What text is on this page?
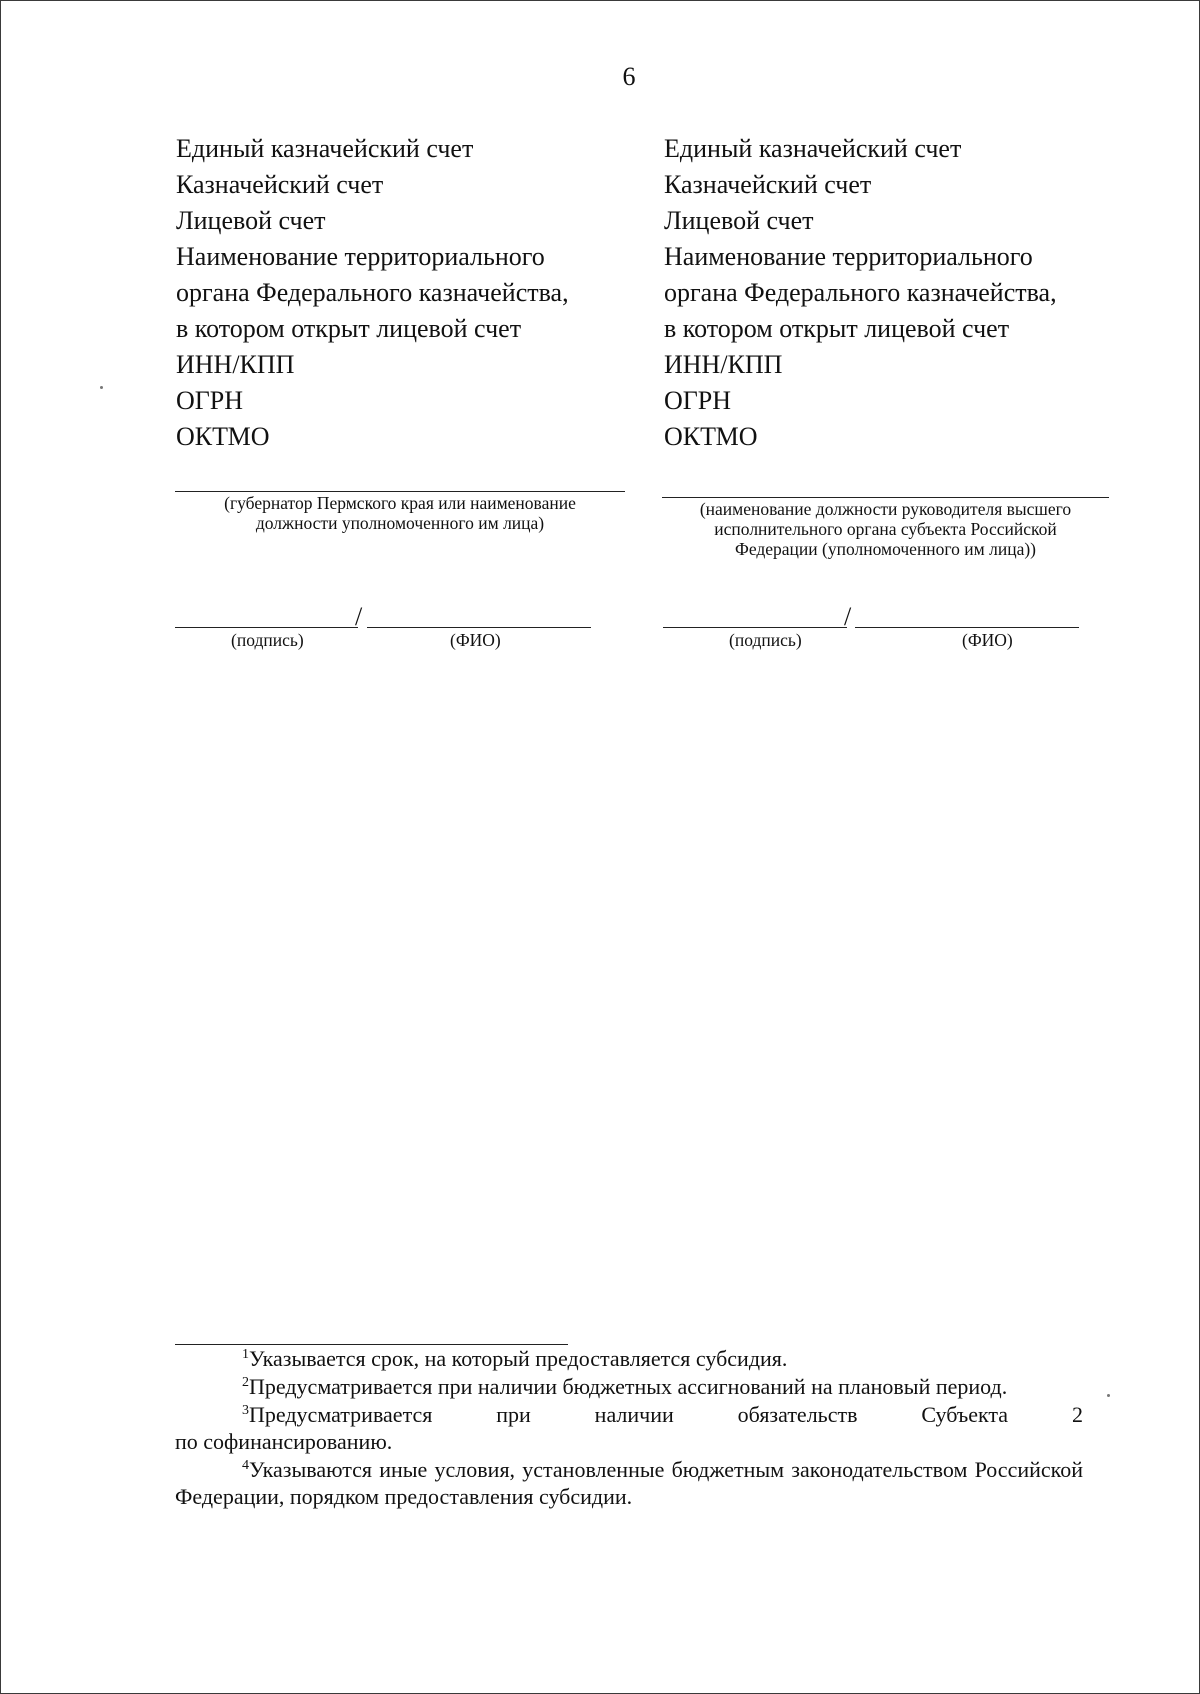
6
Единый казначейский счет
Казначейский счет
Лицевой счет
Наименование территориального
органа Федерального казначейства,
в котором открыт лицевой счет
ИНН/КПП
ОГРН
ОКТМО
Единый казначейский счет
Казначейский счет
Лицевой счет
Наименование территориального
органа Федерального казначейства,
в котором открыт лицевой счет
ИНН/КПП
ОГРН
ОКТМО
(губернатор Пермского края или наименование
должности уполномоченного им лица)
(наименование должности руководителя высшего
исполнительного органа субъекта Российской
Федерации (уполномоченного им лица))
/
(подпись)	(ФИО)
/
(подпись)	(ФИО)

$^1$Указывается срок, на который предоставляется субсидия.

$^2$Предусматривается при наличии бюджетных ассигнований на плановый период.

$^3$Предусматривается	при	наличии	обязательств	Субъекта	2
по софинансированию.

$^4$Указываются иные условия, установленные бюджетным законодательством Российской Федерации, порядком предоставления субсидии.
